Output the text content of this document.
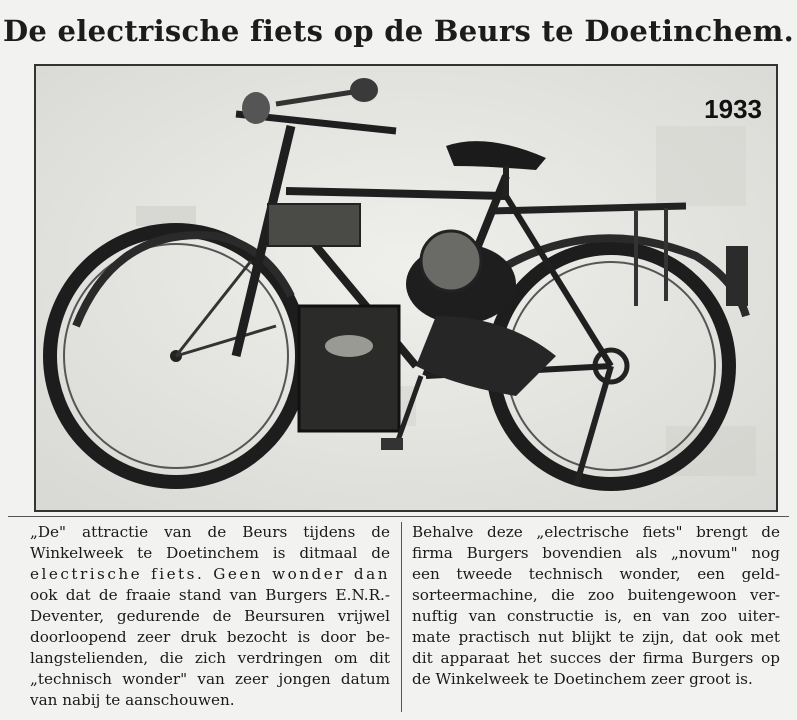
De electrische fiets op de Beurs te Doetinchem.
1933
„De" attractie van de Beurs tijdens de
Winkelweek te Doetinchem is ditmaal de
electrische fiets. Geen wonder dan
ook dat de fraaie stand van Burgers E.N.R.-
Deventer, gedurende de Beursuren vrijwel
doorloopend zeer druk bezocht is door be-
langstelienden, die zich verdringen om dit
„technisch wonder" van zeer jongen datum
van nabij te aanschouwen.
Behalve deze „electrische fiets" brengt de
firma Burgers bovendien als „novum" nog
een tweede technisch wonder, een geld-
sorteermachine, die zoo buitengewoon ver-
nuftig van constructie is, en van zoo uiter-
mate practisch nut blijkt te zijn, dat ook met
dit apparaat het succes der firma Burgers op
de Winkelweek te Doetinchem zeer groot is.
